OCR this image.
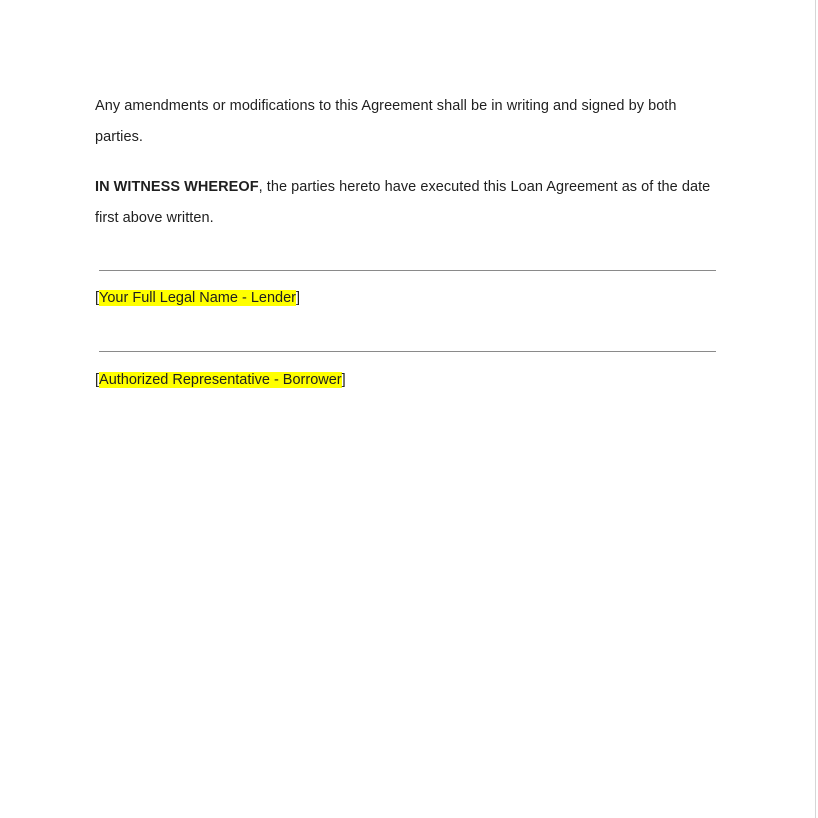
Any amendments or modifications to this Agreement shall be in writing and signed by both parties.

IN WITNESS WHEREOF, the parties hereto have executed this Loan Agreement as of the date first above written.

[Your Full Legal Name - Lender]
[Authorized Representative - Borrower]
